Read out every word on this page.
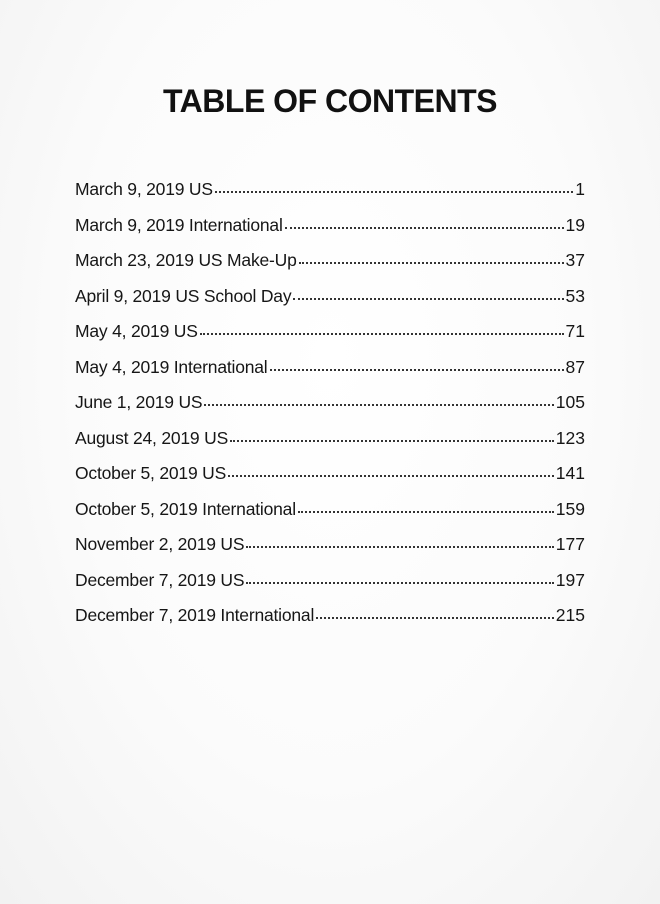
TABLE OF CONTENTS
March 9, 2019 US	1
March 9, 2019 International	19
March 23, 2019 US Make-Up	37
April 9, 2019 US School Day	53
May 4, 2019 US	71
May 4, 2019 International	87
June 1, 2019 US	105
August 24, 2019 US	123
October 5, 2019 US	141
October 5, 2019 International	159
November 2, 2019 US	177
December 7, 2019 US	197
December 7, 2019 International	215
